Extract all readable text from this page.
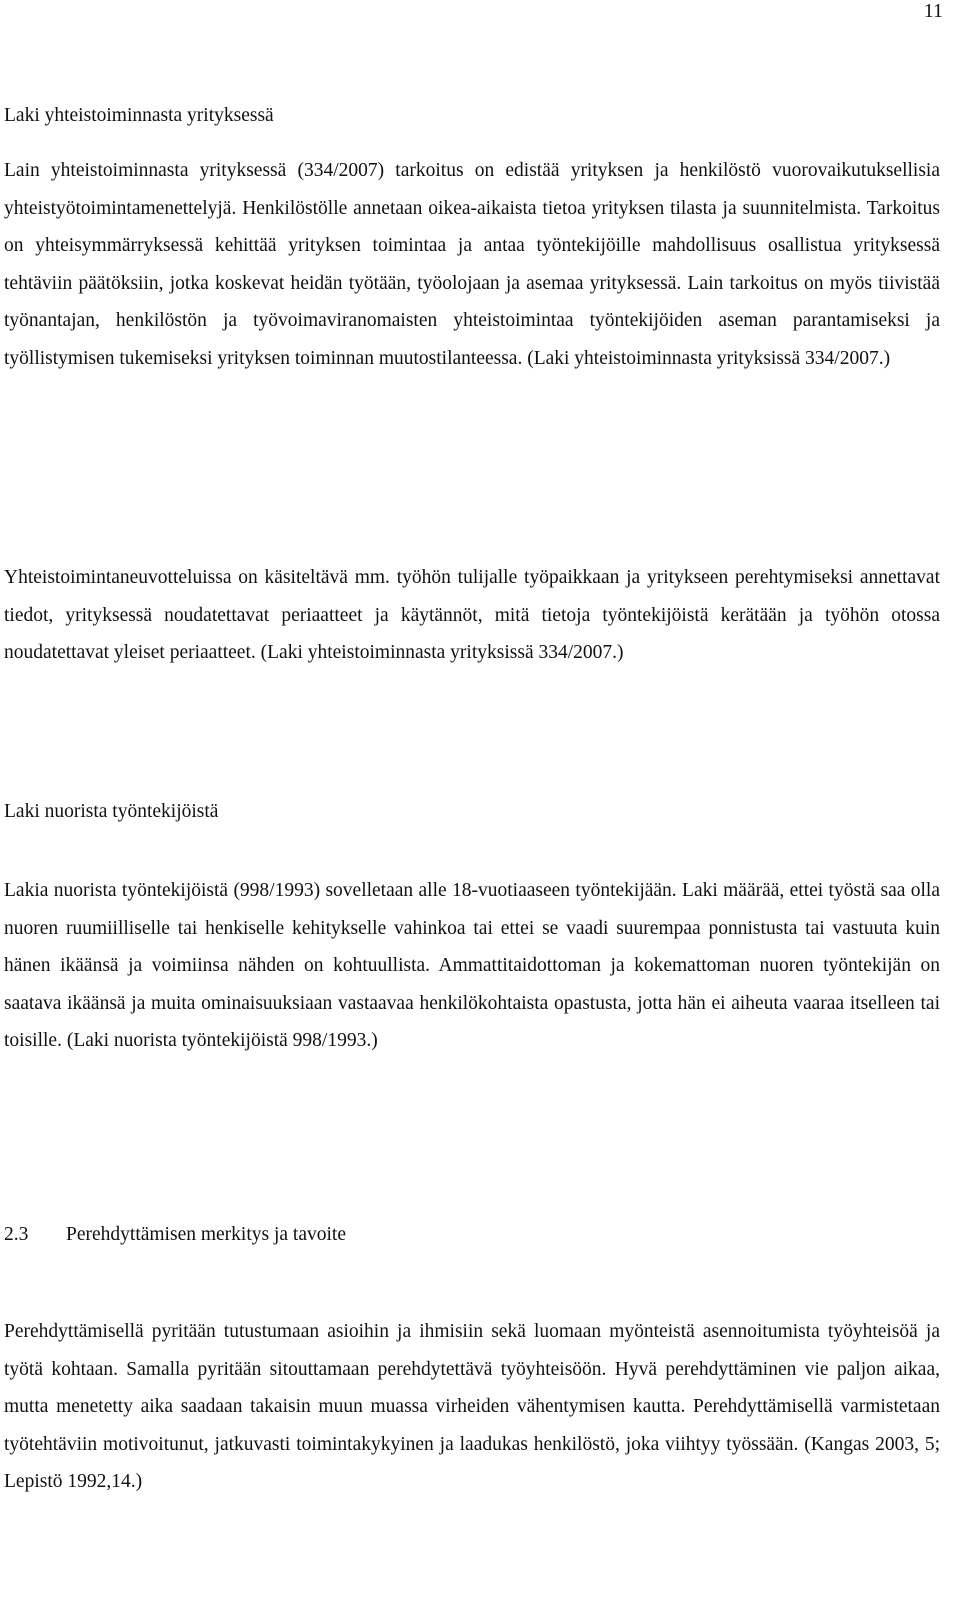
11
Laki yhteistoiminnasta yrityksessä

Lain yhteistoiminnasta yrityksessä (334/2007) tarkoitus on edistää yrityksen ja henkilöstö vuorovaikutuksellisia yhteistyötoimintamenettelyjä. Henkilöstölle annetaan oikea-aikaista tietoa yrityksen tilasta ja suunnitelmista. Tarkoitus on yhteisymmärryksessä kehittää yrityksen toimintaa ja antaa työntekijöille mahdollisuus osallistua yrityksessä tehtäviin päätöksiin, jotka koskevat heidän työtään, työolojaan ja asemaa yrityksessä. Lain tarkoitus on myös tiivistää työnantajan, henkilöstön ja työvoimaviranomaisten yhteistoimintaa työntekijöiden aseman parantamiseksi ja työllistymisen tukemiseksi yrityksen toiminnan muutostilanteessa. (Laki yhteistoiminnasta yrityksissä 334/2007.)

Yhteistoimintaneuvotteluissa on käsiteltävä mm. työhön tulijalle työpaikkaan ja yritykseen perehtymiseksi annettavat tiedot, yrityksessä noudatettavat periaatteet ja käytännöt, mitä tietoja työntekijöistä kerätään ja työhön otossa noudatettavat yleiset periaatteet. (Laki yhteistoiminnasta yrityksissä 334/2007.)

Laki nuorista työntekijöistä

Lakia nuorista työntekijöistä (998/1993) sovelletaan alle 18-vuotiaaseen työntekijään. Laki määrää, ettei työstä saa olla nuoren ruumiilliselle tai henkiselle kehitykselle vahinkoa tai ettei se vaadi suurempaa ponnistusta tai vastuuta kuin hänen ikäänsä ja voimiinsa nähden on kohtuullista. Ammattitaidottoman ja kokemattoman nuoren työntekijän on saatava ikäänsä ja muita ominaisuuksiaan vastaavaa henkilökohtaista opastusta, jotta hän ei aiheuta vaaraa itselleen tai toisille. (Laki nuorista työntekijöistä 998/1993.)

2.3 Perehdyttämisen merkitys ja tavoite

Perehdyttämisellä pyritään tutustumaan asioihin ja ihmisiin sekä luomaan myönteistä asennoitumista työyhteisöä ja työtä kohtaan. Samalla pyritään sitouttamaan perehdytettävä työyhteisöön. Hyvä perehdyttäminen vie paljon aikaa, mutta menetetty aika saadaan takaisin muun muassa virheiden vähentymisen kautta. Perehdyttämisellä varmistetaan työtehtäviin motivoitunut, jatkuvasti toimintakykyinen ja laadukas henkilöstö, joka viihtyy työssään. (Kangas 2003, 5; Lepistö 1992,14.)
